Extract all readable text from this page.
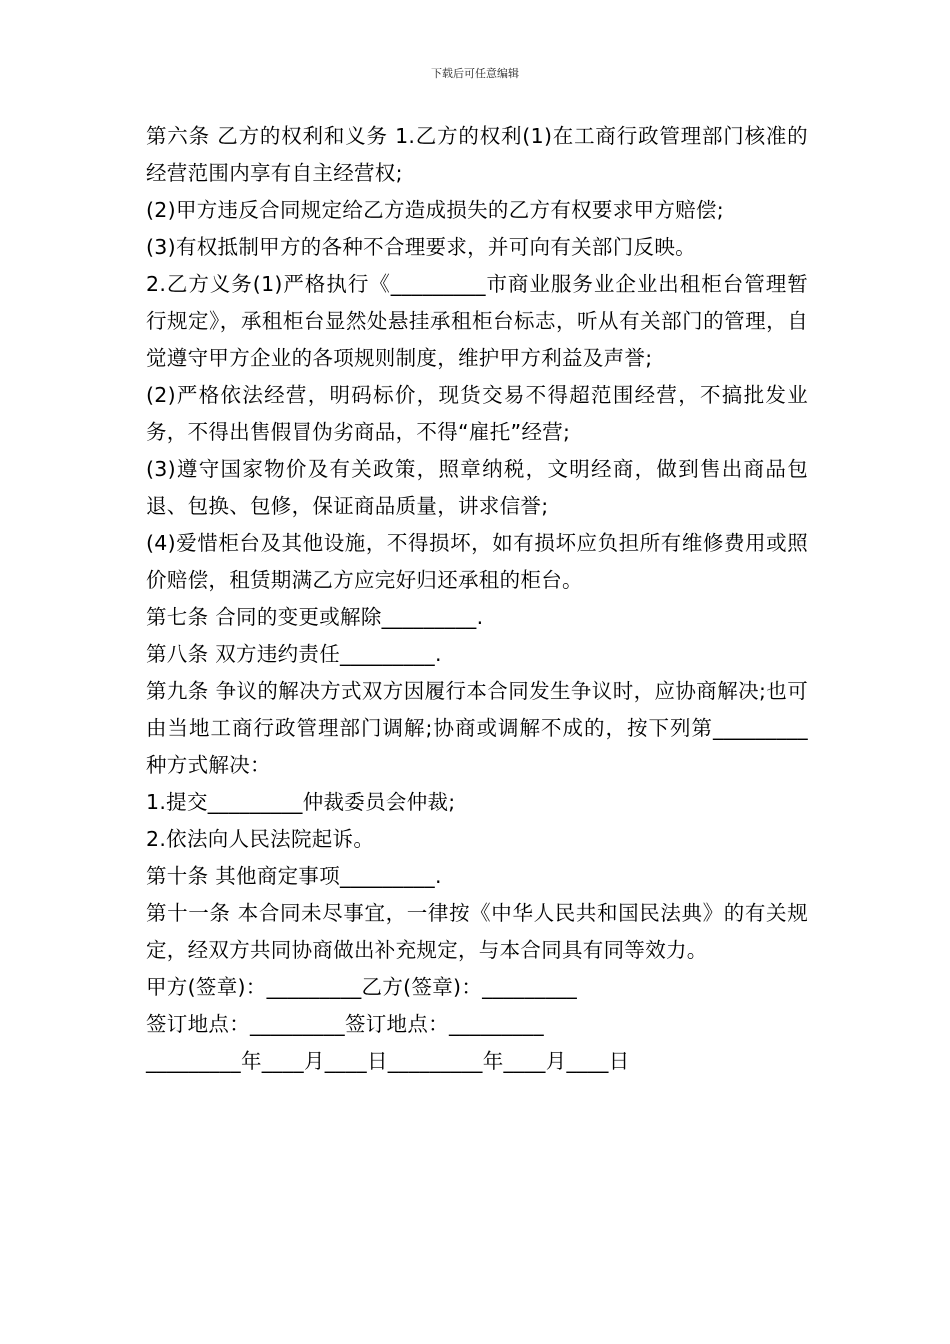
下载后可任意编辑

第六条 乙方的权利和义务 1.乙方的权利(1)在工商行政管理部门核准的经营范围内享有自主经营权;

(2)甲方违反合同规定给乙方造成损失的乙方有权要求甲方赔偿;

(3)有权抵制甲方的各种不合理要求，并可向有关部门反映。

2.乙方义务(1)严格执行《_________市商业服务业企业出租柜台管理暂行规定》，承租柜台显然处悬挂承租柜台标志，听从有关部门的管理，自觉遵守甲方企业的各项规则制度，维护甲方利益及声誉;

(2)严格依法经营，明码标价，现货交易不得超范围经营，不搞批发业务，不得出售假冒伪劣商品，不得“雇托”经营;

(3)遵守国家物价及有关政策，照章纳税，文明经商，做到售出商品包退、包换、包修，保证商品质量，讲求信誉;

(4)爱惜柜台及其他设施，不得损坏，如有损坏应负担所有维修费用或照价赔偿，租赁期满乙方应完好归还承租的柜台。

第七条 合同的变更或解除_________.

第八条 双方违约责任_________.

第九条 争议的解决方式双方因履行本合同发生争议时，应协商解决;也可由当地工商行政管理部门调解;协商或调解不成的，按下列第_________种方式解决：

1.提交_________仲裁委员会仲裁;

2.依法向人民法院起诉。

第十条 其他商定事项_________.

第十一条 本合同未尽事宜，一律按《中华人民共和国民法典》的有关规定，经双方共同协商做出补充规定，与本合同具有同等效力。

甲方(签章)：_________乙方(签章)：_________

签订地点：_________签订地点：_________

_________年____月____日_________年____月____日
